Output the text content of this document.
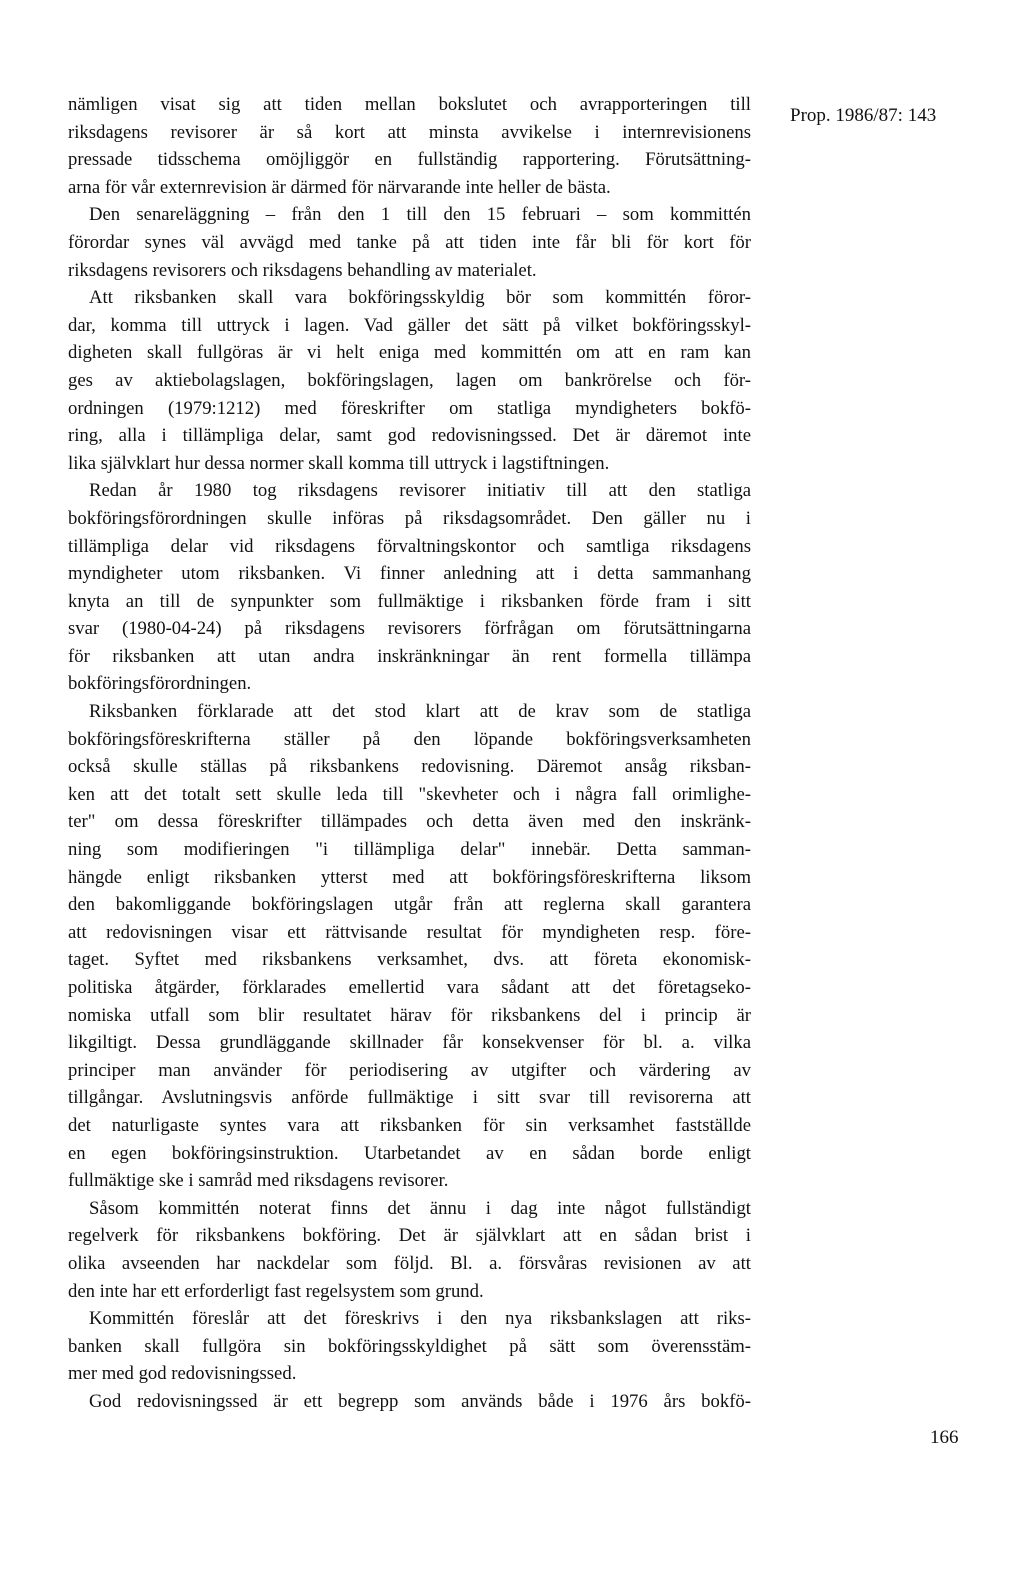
Prop. 1986/87: 143
nämligen visat sig att tiden mellan bokslutet och avrapporteringen till
riksdagens revisorer är så kort att minsta avvikelse i internrevisionens
pressade tidsschema omöjliggör en fullständig rapportering. Förutsättning-
arna för vår externrevision är därmed för närvarande inte heller de bästa.
Den senareläggning – från den 1 till den 15 februari – som kommittén
förordar synes väl avvägd med tanke på att tiden inte får bli för kort för
riksdagens revisorers och riksdagens behandling av materialet.
Att riksbanken skall vara bokföringsskyldig bör som kommittén föror-
dar, komma till uttryck i lagen. Vad gäller det sätt på vilket bokföringsskyl-
digheten skall fullgöras är vi helt eniga med kommittén om att en ram kan
ges av aktiebolagslagen, bokföringslagen, lagen om bankrörelse och för-
ordningen (1979:1212) med föreskrifter om statliga myndigheters bokfö-
ring, alla i tillämpliga delar, samt god redovisningssed. Det är däremot inte
lika självklart hur dessa normer skall komma till uttryck i lagstiftningen.
Redan år 1980 tog riksdagens revisorer initiativ till att den statliga
bokföringsförordningen skulle införas på riksdagsområdet. Den gäller nu i
tillämpliga delar vid riksdagens förvaltningskontor och samtliga riksdagens
myndigheter utom riksbanken. Vi finner anledning att i detta sammanhang
knyta an till de synpunkter som fullmäktige i riksbanken förde fram i sitt
svar (1980-04-24) på riksdagens revisorers förfrågan om förutsättningarna
för riksbanken att utan andra inskränkningar än rent formella tillämpa
bokföringsförordningen.
Riksbanken förklarade att det stod klart att de krav som de statliga
bokföringsföreskrifterna ställer på den löpande bokföringsverksamheten
också skulle ställas på riksbankens redovisning. Däremot ansåg riksban-
ken att det totalt sett skulle leda till "skevheter och i några fall orimlighe-
ter" om dessa föreskrifter tillämpades och detta även med den inskränk-
ning som modifieringen "i tillämpliga delar" innebär. Detta samman-
hängde enligt riksbanken ytterst med att bokföringsföreskrifterna liksom
den bakomliggande bokföringslagen utgår från att reglerna skall garantera
att redovisningen visar ett rättvisande resultat för myndigheten resp. före-
taget. Syftet med riksbankens verksamhet, dvs. att företa ekonomisk-
politiska åtgärder, förklarades emellertid vara sådant att det företagseko-
nomiska utfall som blir resultatet härav för riksbankens del i princip är
likgiltigt. Dessa grundläggande skillnader får konsekvenser för bl. a. vilka
principer man använder för periodisering av utgifter och värdering av
tillgångar. Avslutningsvis anförde fullmäktige i sitt svar till revisorerna att
det naturligaste syntes vara att riksbanken för sin verksamhet fastställde
en egen bokföringsinstruktion. Utarbetandet av en sådan borde enligt
fullmäktige ske i samråd med riksdagens revisorer.
Såsom kommittén noterat finns det ännu i dag inte något fullständigt
regelverk för riksbankens bokföring. Det är självklart att en sådan brist i
olika avseenden har nackdelar som följd. Bl. a. försvåras revisionen av att
den inte har ett erforderligt fast regelsystem som grund.
Kommittén föreslår att det föreskrivs i den nya riksbankslagen att riks-
banken skall fullgöra sin bokföringsskyldighet på sätt som överensstäm-
mer med god redovisningssed.
God redovisningssed är ett begrepp som används både i 1976 års bokfö-
166
